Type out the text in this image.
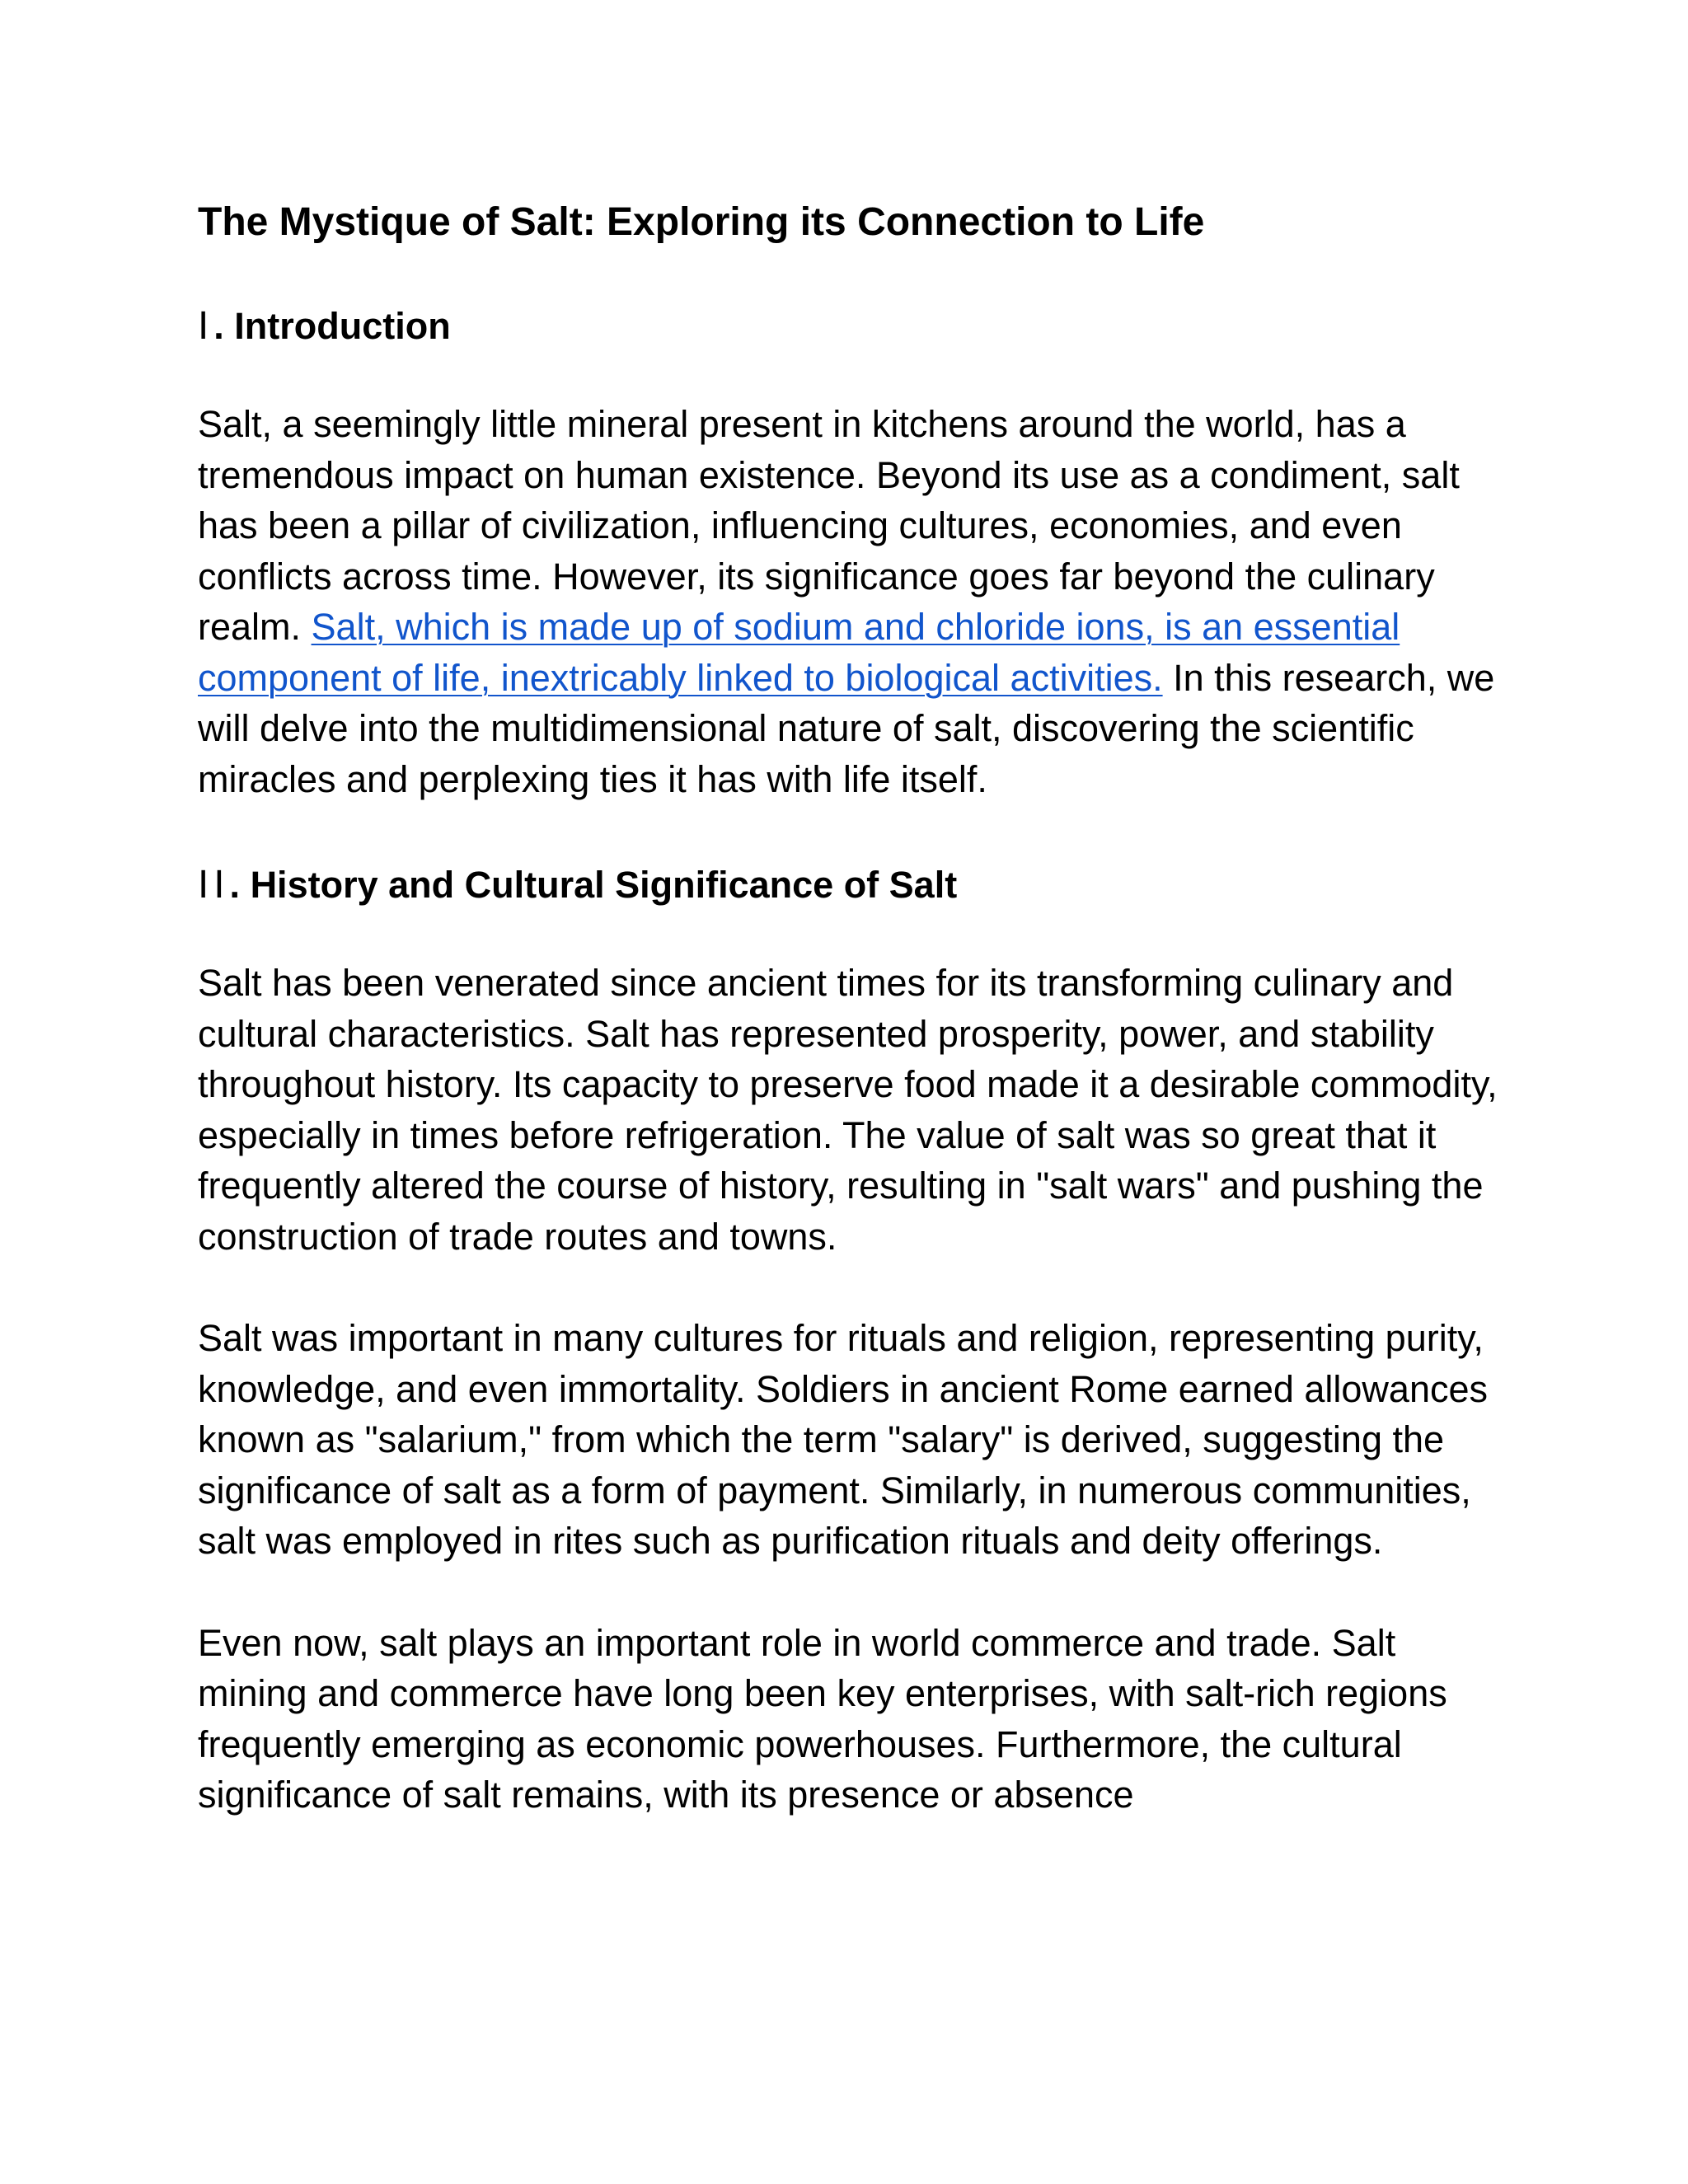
The Mystique of Salt: Exploring its Connection to Life
Ⅰ. Introduction

Salt, a seemingly little mineral present in kitchens around the world, has a tremendous impact on human existence. Beyond its use as a condiment, salt has been a pillar of civilization, influencing cultures, economies, and even conflicts across time. However, its significance goes far beyond the culinary realm. Salt, which is made up of sodium and chloride ions, is an essential component of life, inextricably linked to biological activities. In this research, we will delve into the multidimensional nature of salt, discovering the scientific miracles and perplexing ties it has with life itself.

ⅠⅠ. History and Cultural Significance of Salt

Salt has been venerated since ancient times for its transforming culinary and cultural characteristics. Salt has represented prosperity, power, and stability throughout history. Its capacity to preserve food made it a desirable commodity, especially in times before refrigeration. The value of salt was so great that it frequently altered the course of history, resulting in "salt wars" and pushing the construction of trade routes and towns.

Salt was important in many cultures for rituals and religion, representing purity, knowledge, and even immortality. Soldiers in ancient Rome earned allowances known as "salarium," from which the term "salary" is derived, suggesting the significance of salt as a form of payment. Similarly, in numerous communities, salt was employed in rites such as purification rituals and deity offerings.

Even now, salt plays an important role in world commerce and trade. Salt mining and commerce have long been key enterprises, with salt-rich regions frequently emerging as economic powerhouses. Furthermore, the cultural significance of salt remains, with its presence or absence
